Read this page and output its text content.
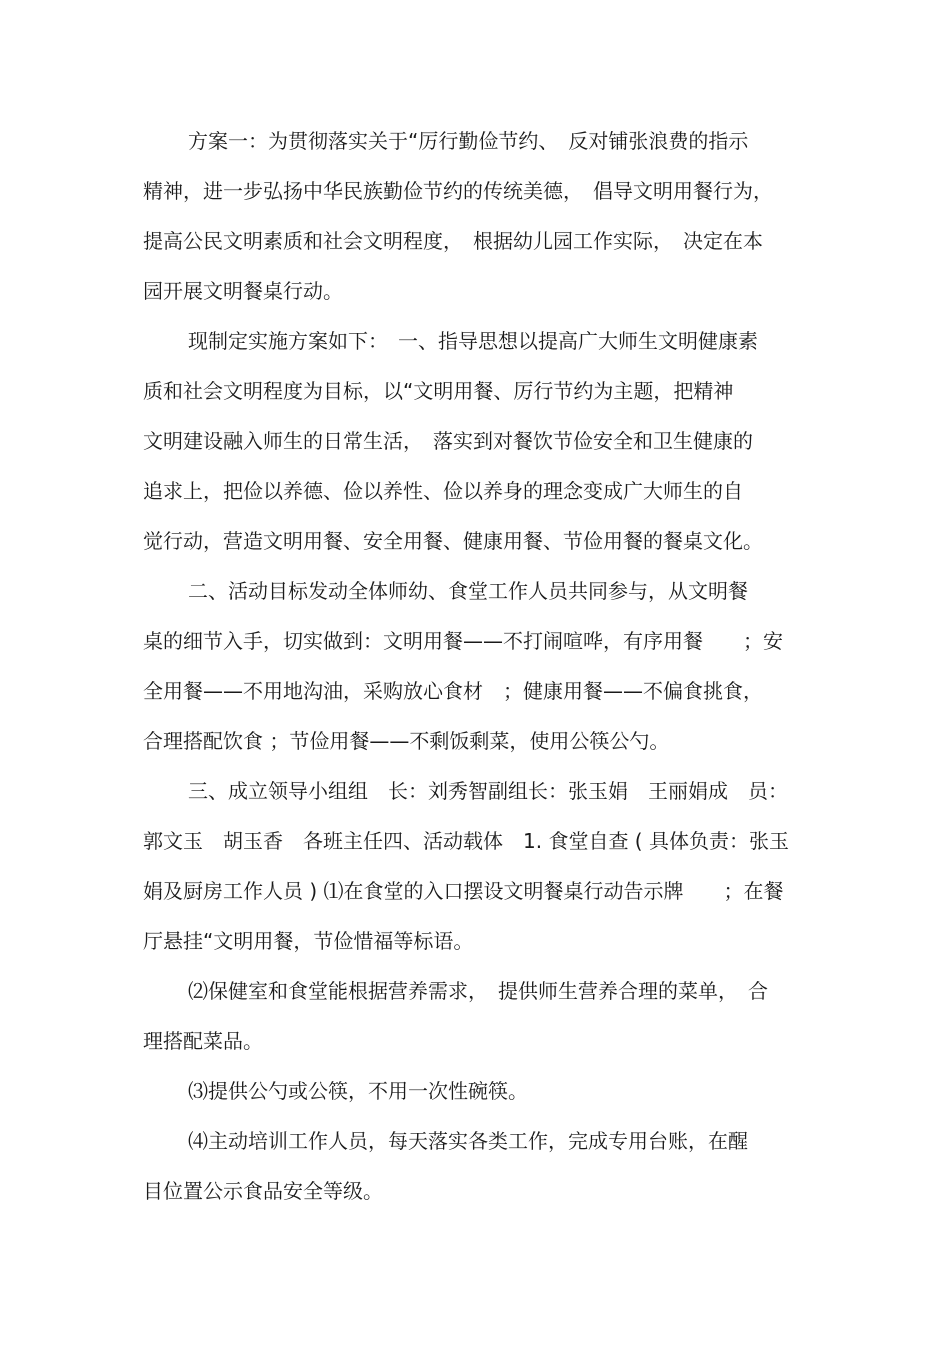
方案一：为贯彻落实关于“厉行勤俭节约、　反对铺张浪费的指示
精神，进一步弘扬中华民族勤俭节约的传统美德，　倡导文明用餐行为，
提高公民文明素质和社会文明程度，　根据幼儿园工作实际，　决定在本
园开展文明餐桌行动。
现制定实施方案如下：　一、指导思想以提高广大师生文明健康素
质和社会文明程度为目标，以“文明用餐、厉行节约为主题，把精神
文明建设融入师生的日常生活，　落实到对餐饮节俭安全和卫生健康的
追求上，把俭以养德、俭以养性、俭以养身的理念变成广大师生的自
觉行动，营造文明用餐、安全用餐、健康用餐、节俭用餐的餐桌文化。
二、活动目标发动全体师幼、食堂工作人员共同参与，从文明餐
桌的细节入手，切实做到：文明用餐——不打闹喧哗，有序用餐　　；安
全用餐——不用地沟油，采购放心食材　；健康用餐——不偏食挑食，
合理搭配饮食 ；节俭用餐——不剩饭剩菜，使用公筷公勺。
三、成立领导小组组　长：刘秀智副组长：张玉娟　王丽娟成　员：
郭文玉　胡玉香　各班主任四、活动载体　1. 食堂自查 ( 具体负责：张玉
娟及厨房工作人员 ) ⑴在食堂的入口摆设文明餐桌行动告示牌　　；在餐
厅悬挂“文明用餐，节俭惜福等标语。
⑵保健室和食堂能根据营养需求，　提供师生营养合理的菜单，　合
理搭配菜品。
⑶提供公勺或公筷，不用一次性碗筷。
⑷主动培训工作人员，每天落实各类工作，完成专用台账，在醒
目位置公示食品安全等级。
